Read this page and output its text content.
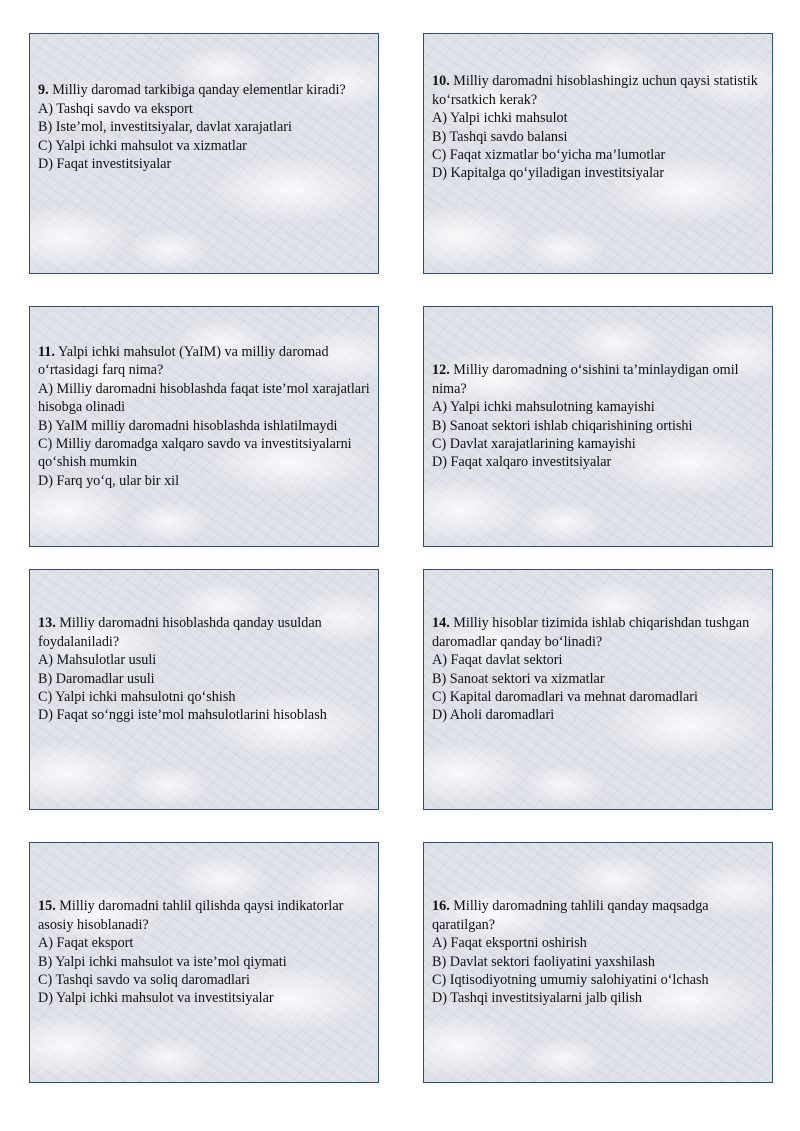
9. Milliy daromad tarkibiga qanday elementlar kiradi?
A) Tashqi savdo va eksport
B) Iste’mol, investitsiyalar, davlat xarajatlari
C) Yalpi ichki mahsulot va xizmatlar
D) Faqat investitsiyalar
10. Milliy daromadni hisoblashingiz uchun qaysi statistik ko‘rsatkich kerak?
A) Yalpi ichki mahsulot
B) Tashqi savdo balansi
C) Faqat xizmatlar bo‘yicha ma’lumotlar
D) Kapitalga qo‘yiladigan investitsiyalar
11. Yalpi ichki mahsulot (YaIM) va milliy daromad o‘rtasidagi farq nima?
A) Milliy daromadni hisoblashda faqat iste’mol xarajatlari hisobga olinadi
B) YaIM milliy daromadni hisoblashda ishlatilmaydi
C) Milliy daromadga xalqaro savdo va investitsiyalarni qo‘shish mumkin
D) Farq yo‘q, ular bir xil
12. Milliy daromadning o‘sishini ta’minlaydigan omil nima?
A) Yalpi ichki mahsulotning kamayishi
B) Sanoat sektori ishlab chiqarishining ortishi
C) Davlat xarajatlarining kamayishi
D) Faqat xalqaro investitsiyalar
13. Milliy daromadni hisoblashda qanday usuldan foydalaniladi?
A) Mahsulotlar usuli
B) Daromadlar usuli
C) Yalpi ichki mahsulotni qo‘shish
D) Faqat so‘nggi iste’mol mahsulotlarini hisoblash
14. Milliy hisoblar tizimida ishlab chiqarishdan tushgan daromadlar qanday bo‘linadi?
A) Faqat davlat sektori
B) Sanoat sektori va xizmatlar
C) Kapital daromadlari va mehnat daromadlari
D) Aholi daromadlari
15. Milliy daromadni tahlil qilishda qaysi indikatorlar asosiy hisoblanadi?
A) Faqat eksport
B) Yalpi ichki mahsulot va iste’mol qiymati
C) Tashqi savdo va soliq daromadlari
D) Yalpi ichki mahsulot va investitsiyalar
16. Milliy daromadning tahlili qanday maqsadga qaratilgan?
A) Faqat eksportni oshirish
B) Davlat sektori faoliyatini yaxshilash
C) Iqtisodiyotning umumiy salohiyatini o‘lchash
D) Tashqi investitsiyalarni jalb qilish
